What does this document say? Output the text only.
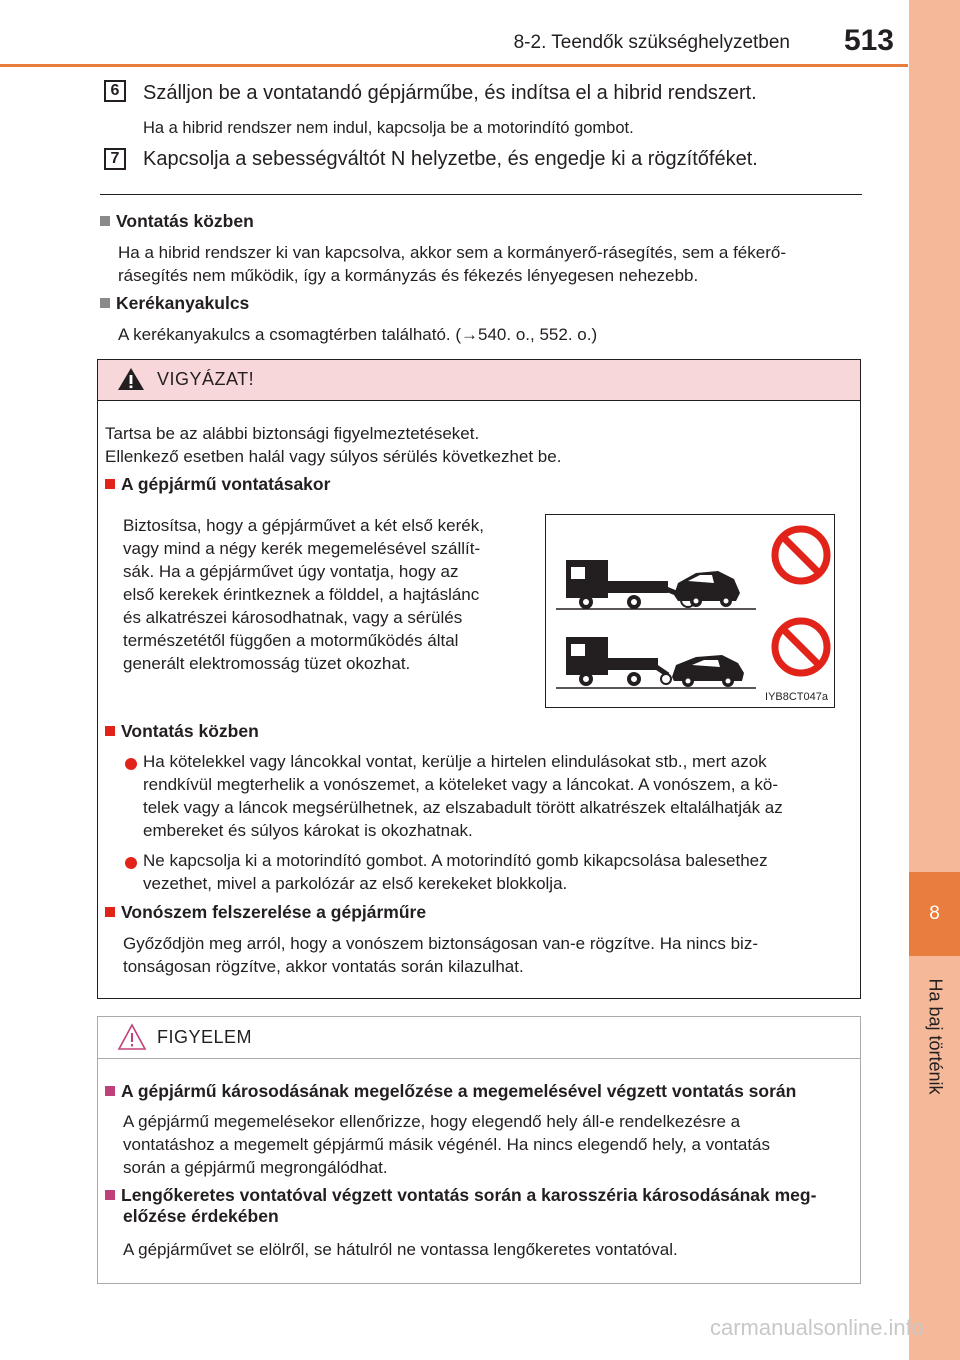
8-2. Teendők szükséghelyzetben 513
8
Ha baj történik
6	Szálljon be a vontatandó gépjárműbe, és indítsa el a hibrid rendszert.
Ha a hibrid rendszer nem indul, kapcsolja be a motorindító gombot.
7	Kapcsolja a sebességváltót N helyzetbe, és engedje ki a rögzítőféket.
Vontatás közben
Ha a hibrid rendszer ki van kapcsolva, akkor sem a kormányerő-rásegítés, sem a fékerő-
rásegítés nem működik, így a kormányzás és fékezés lényegesen nehezebb.
Kerékanyakulcs
A kerékanyakulcs a csomagtérben található. (→540. o., 552. o.)
VIGYÁZAT!
Tartsa be az alábbi biztonsági figyelmeztetéseket.
Ellenkező esetben halál vagy súlyos sérülés következhet be.
A gépjármű vontatásakor
Biztosítsa, hogy a gépjárművet a két első kerék,
vagy mind a négy kerék megemelésével szállít-
sák. Ha a gépjárművet úgy vontatja, hogy az
első kerekek érintkeznek a földdel, a hajtáslánc
és alkatrészei károsodhatnak, vagy a sérülés
természetétől függően a motorműködés által
generált elektromosság tüzet okozhat.
IYB8CT047a
Vontatás közben
Ha kötelekkel vagy láncokkal vontat, kerülje a hirtelen elindulásokat stb., mert azok
rendkívül megterhelik a vonószemet, a köteleket vagy a láncokat. A vonószem, a kö-
telek vagy a láncok megsérülhetnek, az elszabadult törött alkatrészek eltalálhatják az
embereket és súlyos károkat is okozhatnak.
Ne kapcsolja ki a motorindító gombot. A motorindító gomb kikapcsolása balesethez
vezethet, mivel a parkolózár az első kerekeket blokkolja.
Vonószem felszerelése a gépjárműre
Győződjön meg arról, hogy a vonószem biztonságosan van-e rögzítve. Ha nincs biz-
tonságosan rögzítve, akkor vontatás során kilazulhat.
FIGYELEM
A gépjármű károsodásának megelőzése a megemelésével végzett vontatás során
A gépjármű megemelésekor ellenőrizze, hogy elegendő hely áll-e rendelkezésre a
vontatáshoz a megemelt gépjármű másik végénél. Ha nincs elegendő hely, a vontatás
során a gépjármű megrongálódhat.
Lengőkeretes vontatóval végzett vontatás során a karosszéria károsodásának meg-
előzése érdekében
A gépjárművet se elölről, se hátulról ne vontassa lengőkeretes vontatóval.
carmanualsonline.info
